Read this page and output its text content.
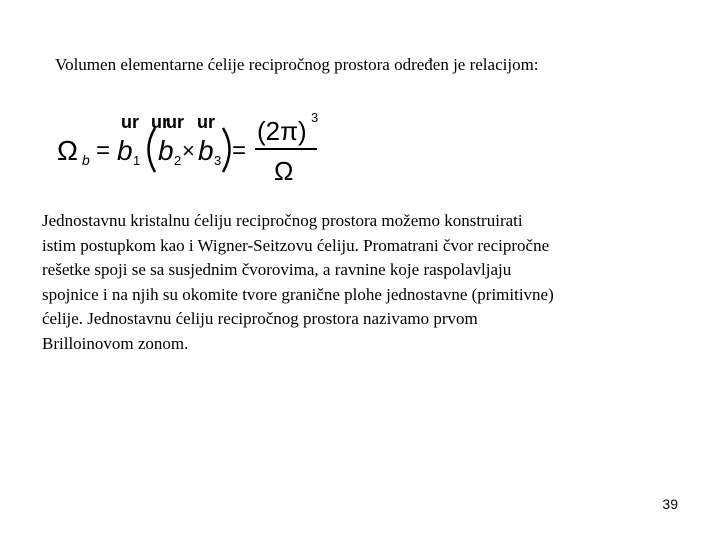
Volumen elementarne ćelije recipročnog prostora određen je relacijom:

Ω b =
ur ur
ur ur
b 1 b 2 × b 3 =
(2π) 3
Ω

Jednostavnu kristalnu ćeliju recipročnog prostora možemo konstruirati
istim postupkom kao i Wigner-Seitzovu ćeliju. Promatrani čvor recipročne
rešetke spoji se sa susjednim čvorovima, a ravnine koje raspolavljaju
spojnice i na njih su okomite tvore granične plohe jednostavne (primitivne)
ćelije. Jednostavnu ćeliju recipročnog prostora nazivamo prvom
Brilloinovom zonom.

39
